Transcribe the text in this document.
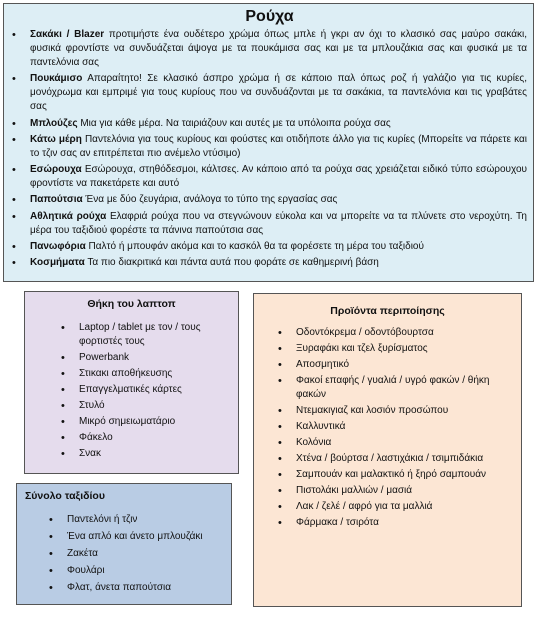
Ρούχα
• Σακάκι / Blazer προτιμήστε ένα ουδέτερο χρώμα όπως μπλε ή γκρι αν όχι το κλασικό σας μαύρο σακάκι, φυσικά φροντίστε να συνδυάζεται άψογα με τα πουκάμισα σας και με τα μπλουζάκια σας και φυσικά με τα παντελόνια σας
• Πουκάμισο Απαραίτητο! Σε κλασικό άσπρο χρώμα ή σε κάποιο παλ όπως ροζ ή γαλάζιο για τις κυρίες, μονόχρωμα και εμπριμέ για τους κυρίους που να συνδυάζονται με τα σακάκια, τα παντελόνια και τις γραβάτες σας
• Μπλούζες Μια για κάθε μέρα. Να ταιριάζουν και αυτές με τα υπόλοιπα ρούχα σας
• Κάτω μέρη Παντελόνια για τους κυρίους και φούστες και οτιδήποτε άλλο για τις κυρίες (Μπορείτε να πάρετε και το τζιν σας αν επιτρέπεται πιο ανέμελο ντύσιμο)
• Εσώρουχα Εσώρουχα, στηθόδεσμοι, κάλτσες. Αν κάποιο από τα ρούχα σας χρειάζεται ειδικό τύπο εσώρουχου φροντίστε να πακετάρετε και αυτό
• Παπούτσια Ένα με δύο ζευγάρια, ανάλογα το τύπο της εργασίας σας
• Αθλητικά ρούχα Ελαφριά ρούχα που να στεγνώνουν εύκολα και να μπορείτε να τα πλύνετε στο νεροχύτη. Τη μέρα του ταξιδιού φορέστε τα πάνινα παπούτσια σας
• Πανωφόρια Παλτό ή μπουφάν ακόμα και το κασκόλ θα τα φορέσετε τη μέρα του ταξιδιού
• Κοσμήματα Τα πιο διακριτικά και πάντα αυτά που φοράτε σε καθημερινή βάση
Θήκη του λαπτοπ
• Laptop / tablet με τον / τους φορτιστές τους
• Powerbank
• Στικακι αποθήκευσης
• Επαγγελματικές κάρτες
• Στυλό
• Μικρό σημειωματάριο
• Φάκελο
• Σνακ
Σύνολο ταξιδίου
• Παντελόνι ή τζιν
• Ένα απλό και άνετο μπλουζάκι
• Ζακέτα
• Φουλάρι
• Φλατ, άνετα παπούτσια
Προϊόντα περιποίησης
• Οδοντόκρεμα / οδοντόβουρτσα
• Ξυραφάκι και τζελ ξυρίσματος
• Αποσμητικό
• Φακοί επαφής / γυαλιά / υγρό φακών / θήκη φακών
• Ντεμακιγιαζ και λοσιόν προσώπου
• Καλλυντικά
• Κολόνια
• Χτένα / βούρτσα / λαστιχάκια / τσιμπιδάκια
• Σαμπουάν και μαλακτικό ή ξηρό σαμπουάν
• Πιστολάκι μαλλιών / μασιά
• Λακ / ζελέ / αφρό για τα μαλλιά
• Φάρμακα / τσιρότα
